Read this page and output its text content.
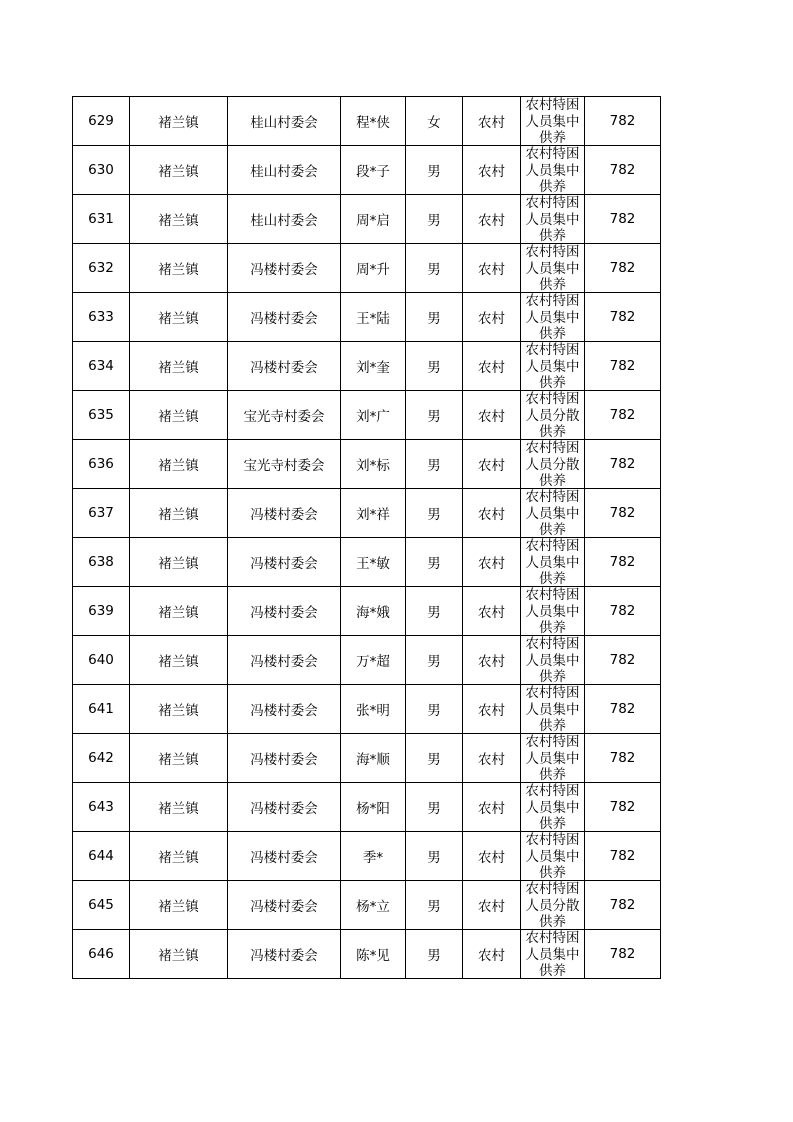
629	褚兰镇	桂山村委会	程*侠	女	农村	农村特困人员集中供养	782
630	褚兰镇	桂山村委会	段*子	男	农村	农村特困人员集中供养	782
631	褚兰镇	桂山村委会	周*启	男	农村	农村特困人员集中供养	782
632	褚兰镇	冯楼村委会	周*升	男	农村	农村特困人员集中供养	782
633	褚兰镇	冯楼村委会	王*陆	男	农村	农村特困人员集中供养	782
634	褚兰镇	冯楼村委会	刘*奎	男	农村	农村特困人员集中供养	782
635	褚兰镇	宝光寺村委会	刘*广	男	农村	农村特困人员分散供养	782
636	褚兰镇	宝光寺村委会	刘*标	男	农村	农村特困人员分散供养	782
637	褚兰镇	冯楼村委会	刘*祥	男	农村	农村特困人员集中供养	782
638	褚兰镇	冯楼村委会	王*敏	男	农村	农村特困人员集中供养	782
639	褚兰镇	冯楼村委会	海*娥	男	农村	农村特困人员集中供养	782
640	褚兰镇	冯楼村委会	万*超	男	农村	农村特困人员集中供养	782
641	褚兰镇	冯楼村委会	张*明	男	农村	农村特困人员集中供养	782
642	褚兰镇	冯楼村委会	海*顺	男	农村	农村特困人员集中供养	782
643	褚兰镇	冯楼村委会	杨*阳	男	农村	农村特困人员集中供养	782
644	褚兰镇	冯楼村委会	季*	男	农村	农村特困人员集中供养	782
645	褚兰镇	冯楼村委会	杨*立	男	农村	农村特困人员分散供养	782
646	褚兰镇	冯楼村委会	陈*见	男	农村	农村特困人员集中供养	782
